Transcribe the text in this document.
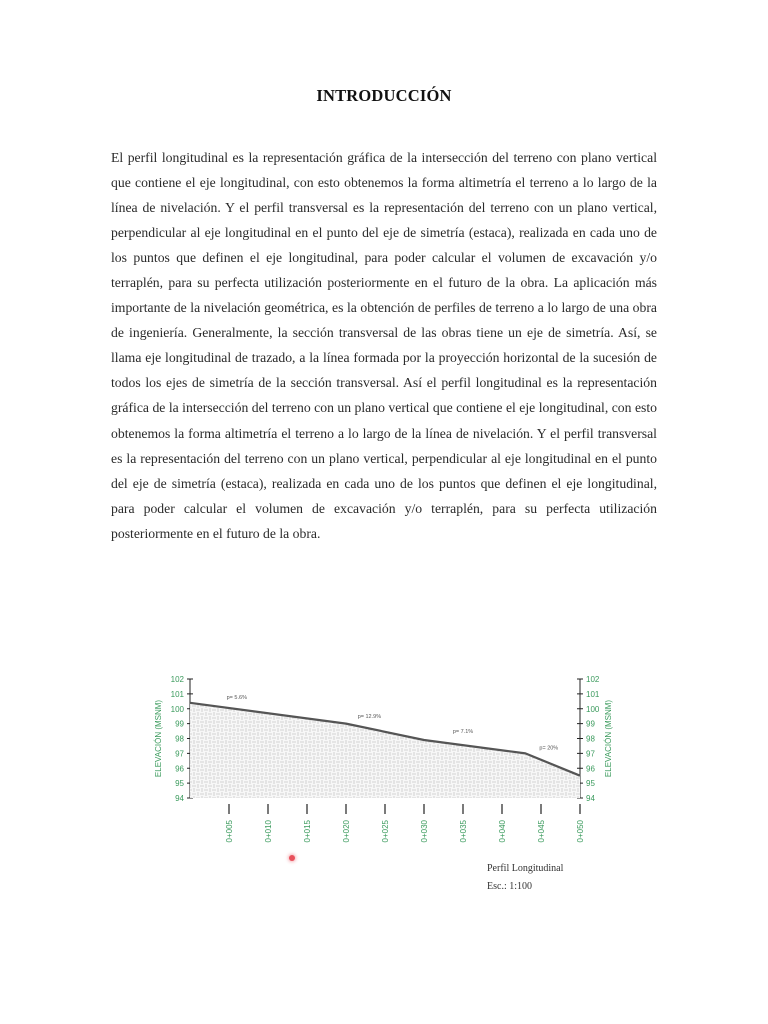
INTRODUCCIÓN

El perfil longitudinal es la representación gráfica de la intersección del terreno con plano vertical que contiene el eje longitudinal, con esto obtenemos la forma altimetría el terreno a lo largo de la línea de nivelación. Y el perfil transversal es la representación del terreno con un plano vertical, perpendicular al eje longitudinal en el punto del eje de simetría (estaca), realizada en cada uno de los puntos que definen el eje longitudinal, para poder calcular el volumen de excavación y/o terraplén, para su perfecta utilización posteriormente en el futuro de la obra. La aplicación más importante de la nivelación geométrica, es la obtención de perfiles de terreno a lo largo de una obra de ingeniería. Generalmente, la sección transversal de las obras tiene un eje de simetría. Así, se llama eje longitudinal de trazado, a la línea formada por la proyección horizontal de la sucesión de todos los ejes de simetría de la sección transversal. Así el perfil longitudinal es la representación gráfica de la intersección del terreno con un plano vertical que contiene el eje longitudinal, con esto obtenemos la forma altimetría el terreno a lo largo de la línea de nivelación. Y el perfil transversal es la representación del terreno con un plano vertical, perpendicular al eje longitudinal en el punto del eje de simetría (estaca), realizada en cada uno de los puntos que definen el eje longitudinal, para poder calcular el volumen de excavación y/o terraplén, para su perfecta utilización posteriormente en el futuro de la obra.

94	94
95	95
96	96
97	97
98	98
99	99
100	100
101	101
102	102
ELEVACIÓN (MSNM)	ELEVACIÓN (MSNM)
0+005	0+010	0+015	0+020	0+025	0+030	0+035	0+040	0+045	0+050
p= 5.6%
p= 12.9%
p= 7.1%
p= 20%
Perfil Longitudinal
Esc.: 1:100
